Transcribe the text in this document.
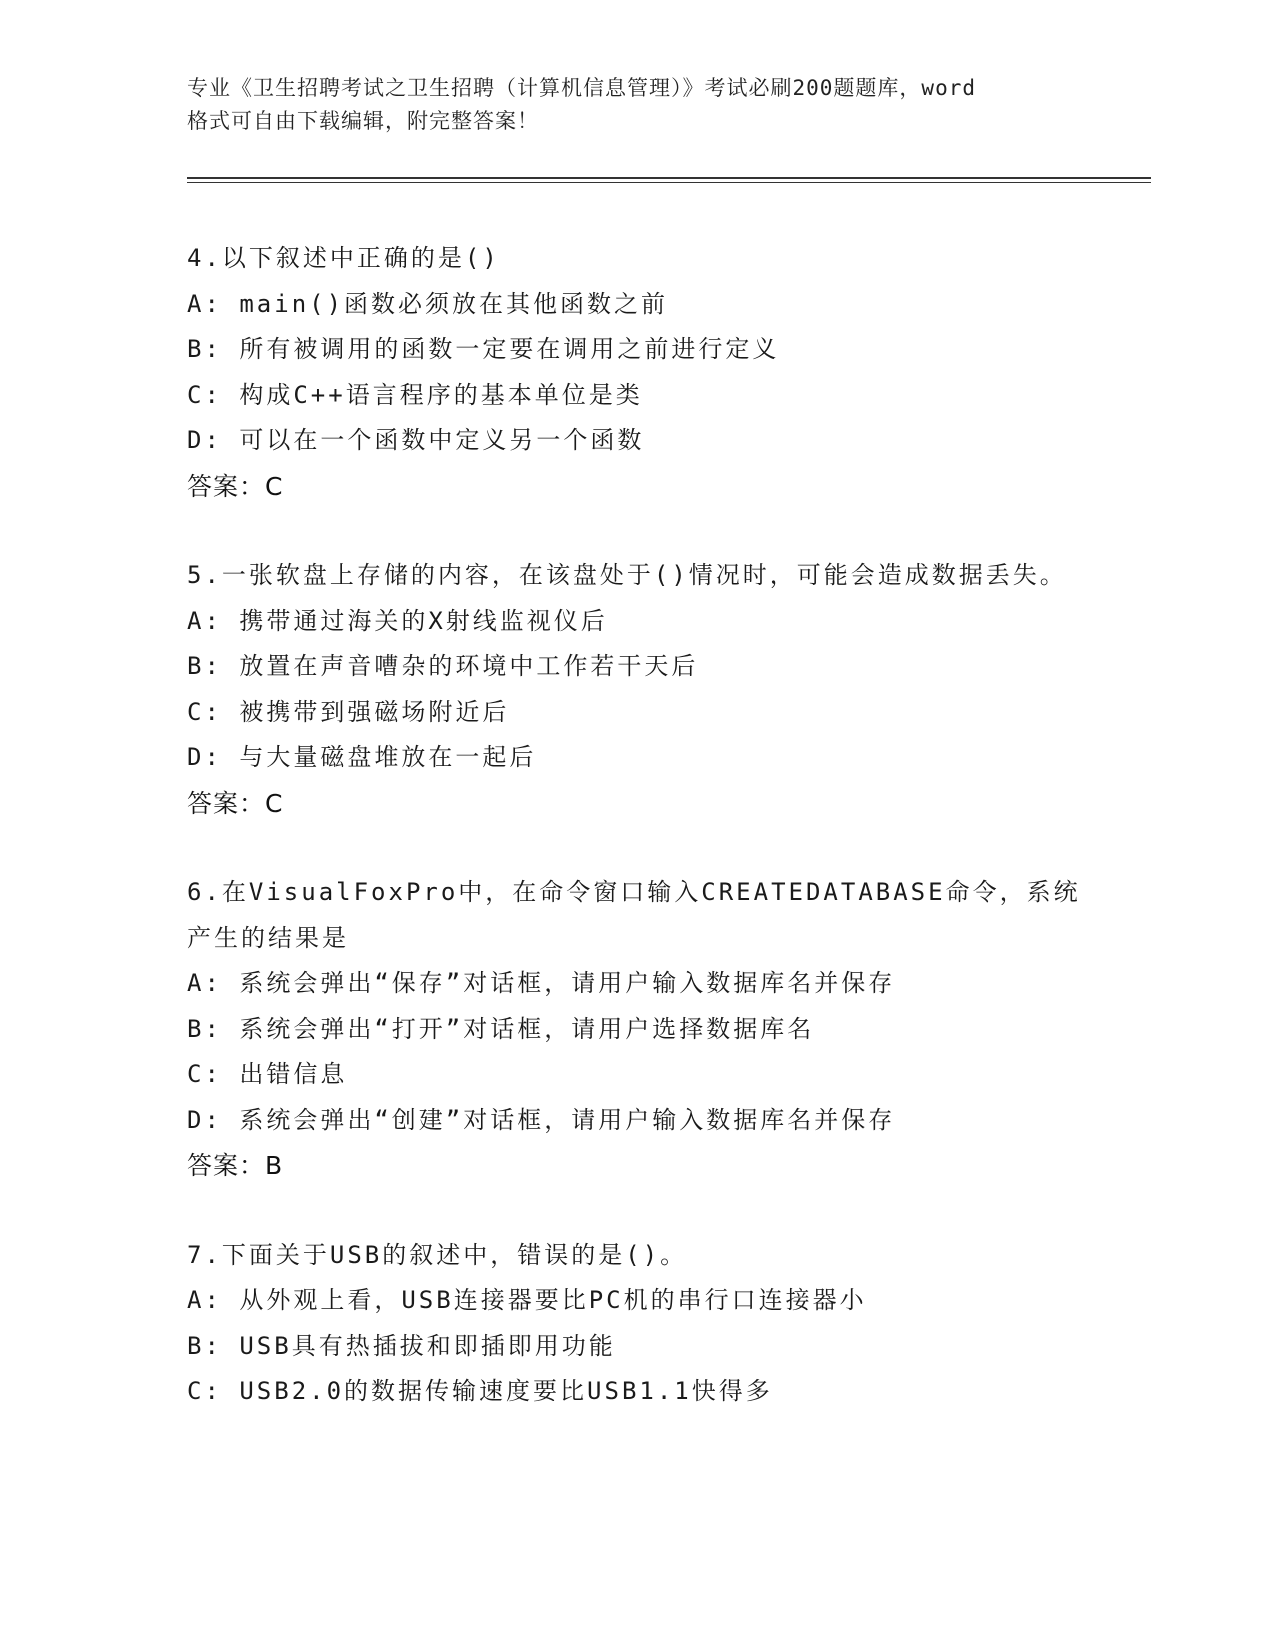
专业《卫生招聘考试之卫生招聘（计算机信息管理）》考试必刷200题题库，word
格式可自由下载编辑，附完整答案！
4.以下叙述中正确的是()
A: main()函数必须放在其他函数之前
B: 所有被调用的函数一定要在调用之前进行定义
C: 构成C++语言程序的基本单位是类
D: 可以在一个函数中定义另一个函数
答案：C
5.一张软盘上存储的内容，在该盘处于()情况时，可能会造成数据丢失。
A: 携带通过海关的X射线监视仪后
B: 放置在声音嘈杂的环境中工作若干天后
C: 被携带到强磁场附近后
D: 与大量磁盘堆放在一起后
答案：C
6.在VisualFoxPro中，在命令窗口输入CREATEDATABASE命令，系统产生的结果是
A: 系统会弹出“保存”对话框，请用户输入数据库名并保存
B: 系统会弹出“打开”对话框，请用户选择数据库名
C: 出错信息
D: 系统会弹出“创建”对话框，请用户输入数据库名并保存
答案：B
7.下面关于USB的叙述中，错误的是()。
A: 从外观上看，USB连接器要比PC机的串行口连接器小
B: USB具有热插拔和即插即用功能
C: USB2.0的数据传输速度要比USB1.1快得多
